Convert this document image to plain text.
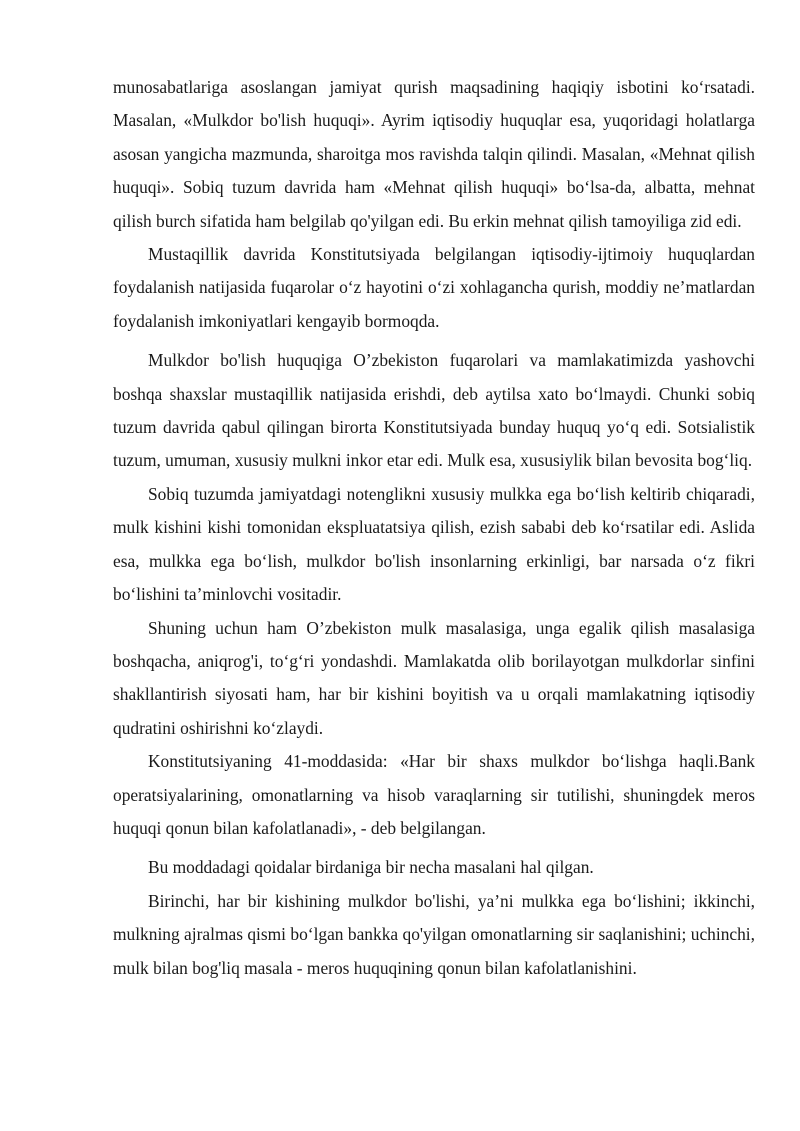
munosabatlariga asoslangan jamiyat qurish maqsadining haqiqiy isbotini ko‘rsatadi. Masalan, «Mulkdor bo'lish huquqi». Ayrim iqtisodiy huquqlar esa, yuqoridagi holatlarga asosan yangicha mazmunda, sharoitga mos ravishda talqin qilindi. Masalan, «Mehnat qilish huquqi». Sobiq tuzum davrida ham «Mehnat qilish huquqi» bo‘lsa-da, albatta, mehnat qilish burch sifatida ham belgilab qo'yilgan edi. Bu erkin mehnat qilish tamoyiliga zid edi.

Mustaqillik davrida Konstitutsiyada belgilangan iqtisodiy-ijtimoiy huquqlardan foydalanish natijasida fuqarolar o‘z hayotini o‘zi xohlagancha qurish, moddiy ne’matlardan foydalanish imkoniyatlari kengayib bormoqda.

Mulkdor bo'lish huquqiga O’zbekiston fuqarolari va mamlakatimizda yashovchi boshqa shaxslar mustaqillik natijasida erishdi, deb aytilsa xato bo‘lmaydi. Chunki sobiq tuzum davrida qabul qilingan birorta Konstitutsiyada bunday huquq yo‘q edi. Sotsialistik tuzum, umuman, xususiy mulkni inkor etar edi. Mulk esa, xususiylik bilan bevosita bog‘liq.

Sobiq tuzumda jamiyatdagi notenglikni xususiy mulkka ega bo‘lish keltirib chiqaradi, mulk kishini kishi tomonidan ekspluatatsiya qilish, ezish sababi deb ko‘rsatilar edi. Aslida esa, mulkka ega bo‘lish, mulkdor bo'lish insonlarning erkinligi, bar narsada o‘z fikri bo‘lishini ta’minlovchi vositadir.

Shuning uchun ham O’zbekiston mulk masalasiga, unga egalik qilish masalasiga boshqacha, aniqrog'i, to‘g‘ri yondashdi. Mamlakatda olib borilayotgan mulkdorlar sinfini shakllantirish siyosati ham, har bir kishini boyitish va u orqali mamlakatning iqtisodiy qudratini oshirishni ko‘zlaydi.

Konstitutsiyaning 41-moddasida: «Har bir shaxs mulkdor bo‘lishga haqli.Bank operatsiyalarining, omonatlarning va hisob varaqlarning sir tutilishi, shuningdek meros huquqi qonun bilan kafolatlanadi», - deb belgilangan.

Bu moddadagi qoidalar birdaniga bir necha masalani hal qilgan.

Birinchi, har bir kishining mulkdor bo'lishi, ya’ni mulkka ega bo‘lishini; ikkinchi, mulkning ajralmas qismi bo‘lgan bankka qo'yilgan omonatlarning sir saqlanishini; uchinchi, mulk bilan bog'liq masala - meros huquqining qonun bilan kafolatlanishini.
